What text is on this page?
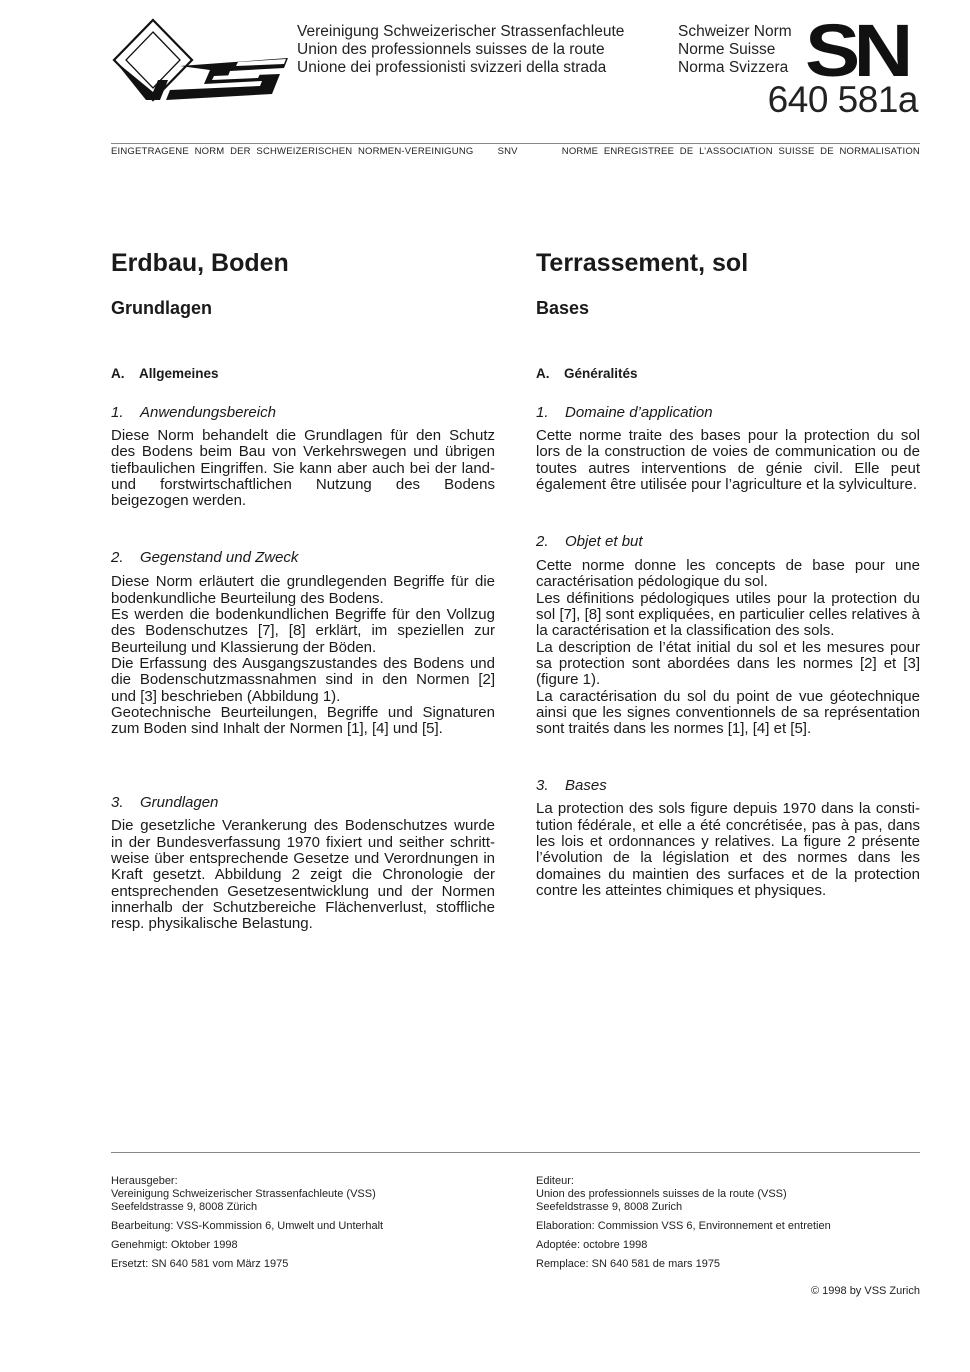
Vereinigung Schweizerischer Strassenfachleute
Union des professionnels suisses de la route
Unione dei professionisti svizzeri della strada
Schweizer Norm
Norme Suisse
Norma Svizzera SN
640 581a
EINGETRAGENE  NORM  DER  SCHWEIZERISCHEN  NORMEN-VEREINIGUNG	SNV	NORME  ENREGISTREE  DE  L’ASSOCIATION  SUISSE  DE  NORMALISATION
Erdbau, Boden
Grundlagen
A.	Allgemeines
1.	Anwendungsbereich

Diese Norm behandelt die Grundlagen für den Schutz des Bodens beim Bau von Verkehrswegen und übrigen tiefbaulichen Eingriffen. Sie kann aber auch bei der land- und forstwirtschaftlichen Nutzung des Bodens beigezogen werden.

2.	Gegenstand und Zweck

Diese Norm erläutert die grundlegenden Begriffe für die bodenkundliche Beurteilung des Bodens.

Es werden die bodenkundlichen Begriffe für den Vollzug des Bodenschutzes [7], [8] erklärt, im speziellen zur Beurteilung und Klassierung der Böden.

Die Erfassung des Ausgangszustandes des Bodens und die Bodenschutzmassnahmen sind in den Normen [2] und [3] beschrieben (Abbildung 1).

Geotechnische Beurteilungen, Begriffe und Signaturen zum Boden sind Inhalt der Normen [1], [4] und [5].

3.	Grundlagen

Die gesetzliche Verankerung des Bodenschutzes wurde in der Bundesverfassung 1970 fixiert und seither schrittweise über entsprechende Gesetze und Verordnungen in Kraft gesetzt. Abbildung 2 zeigt die Chronologie der entsprechenden Gesetzesentwicklung und der Normen innerhalb der Schutzbereiche Flächenverlust, stoffliche resp. physikalische Belastung.

Terrassement, sol
Bases
A.	Généralités
1.	Domaine d’application

Cette norme traite des bases pour la protection du sol lors de la construction de voies de communication ou de toutes autres interventions de génie civil. Elle peut également être utilisée pour l’agriculture et la sylviculture.

2.	Objet et but

Cette norme donne les concepts de base pour une caractérisation pédologique du sol.

Les définitions pédologiques utiles pour la protection du sol [7], [8] sont expliquées, en particulier celles relatives à la caractérisation et la classification des sols.

La description de l’état initial du sol et les mesures pour sa protection sont abordées dans les normes [2] et [3] (figure 1).

La caractérisation du sol du point de vue géotechnique ainsi que les signes conventionnels de sa représentation sont traités dans les normes [1], [4] et [5].

3.	Bases

La protection des sols figure depuis 1970 dans la constitution fédérale, et elle a été concrétisée, pas à pas, dans les lois et ordonnances y relatives. La figure 2 présente l’évolution de la législation et des normes dans les domaines du maintien des surfaces et de la protection contre les atteintes chimiques et physiques.

Herausgeber:
Vereinigung Schweizerischer Strassenfachleute (VSS)
Seefeldstrasse 9, 8008 Zürich
Bearbeitung: VSS-Kommission 6, Umwelt und Unterhalt
Genehmigt: Oktober 1998
Ersetzt: SN 640 581 vom März 1975
Editeur:
Union des professionnels suisses de la route (VSS)
Seefeldstrasse 9, 8008 Zurich
Elaboration: Commission VSS 6, Environnement et entretien
Adoptée: octobre 1998
Remplace: SN 640 581 de mars 1975
© 1998 by VSS Zurich
